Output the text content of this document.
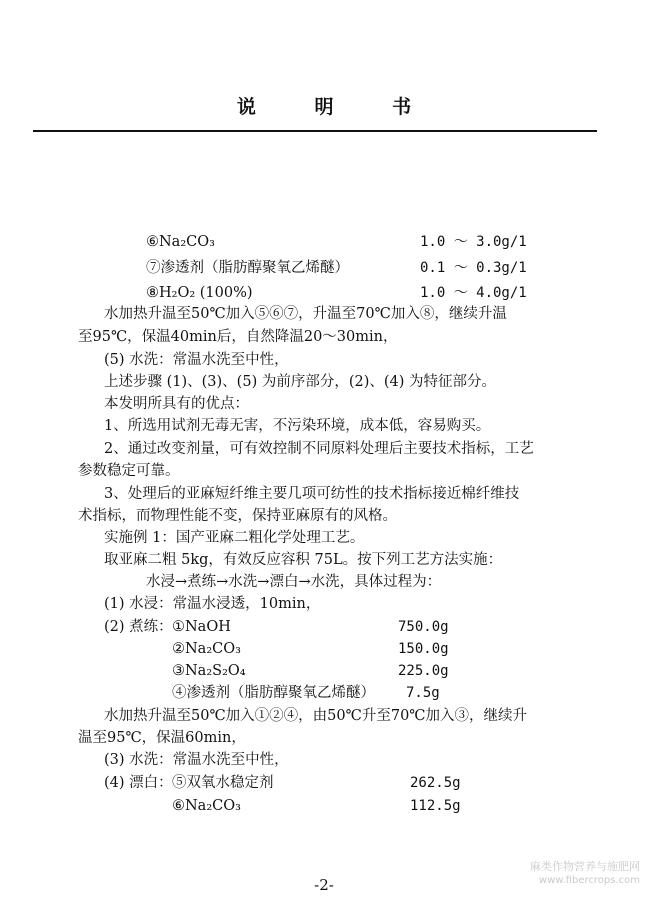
说 明 书
⑥Na₂CO₃	1.0 ～ 3.0g/1
⑦渗透剂（脂肪醇聚氧乙烯醚）	0.1 ～ 0.3g/1
⑧H₂O₂ (100%)	1.0 ～ 4.0g/1
水加热升温至50℃加入⑤⑥⑦，升温至70℃加入⑧，继续升温
至95℃，保温40min后，自然降温20～30min，
(5) 水洗：常温水洗至中性，
上述步骤 (1)、(3)、(5) 为前序部分，(2)、(4) 为特征部分。
本发明所具有的优点：
1、所选用试剂无毒无害，不污染环境，成本低，容易购买。
2、通过改变剂量，可有效控制不同原料处理后主要技术指标，工艺
参数稳定可靠。
3、处理后的亚麻短纤维主要几项可纺性的技术指标接近棉纤维技
术指标，而物理性能不变，保持亚麻原有的风格。
实施例 1：国产亚麻二粗化学处理工艺。
取亚麻二粗 5kg，有效反应容积 75L。按下列工艺方法实施：
水浸→煮练→水洗→漂白→水洗，具体过程为：
(1) 水浸：常温水浸透，10min，
(2) 煮练： ①NaOH	750.0g
②Na₂CO₃	150.0g
③Na₂S₂O₄	225.0g
④渗透剂（脂肪醇聚氧乙烯醚） 7.5g
水加热升温至50℃加入①②④，由50℃升至70℃加入③，继续升
温至95℃，保温60min，
(3) 水洗：常温水洗至中性，
(4) 漂白： ⑤双氧水稳定剂	262.5g
⑥Na₂CO₃	112.5g
-2-
麻类作物营养与施肥网
www.fibercrops.com
